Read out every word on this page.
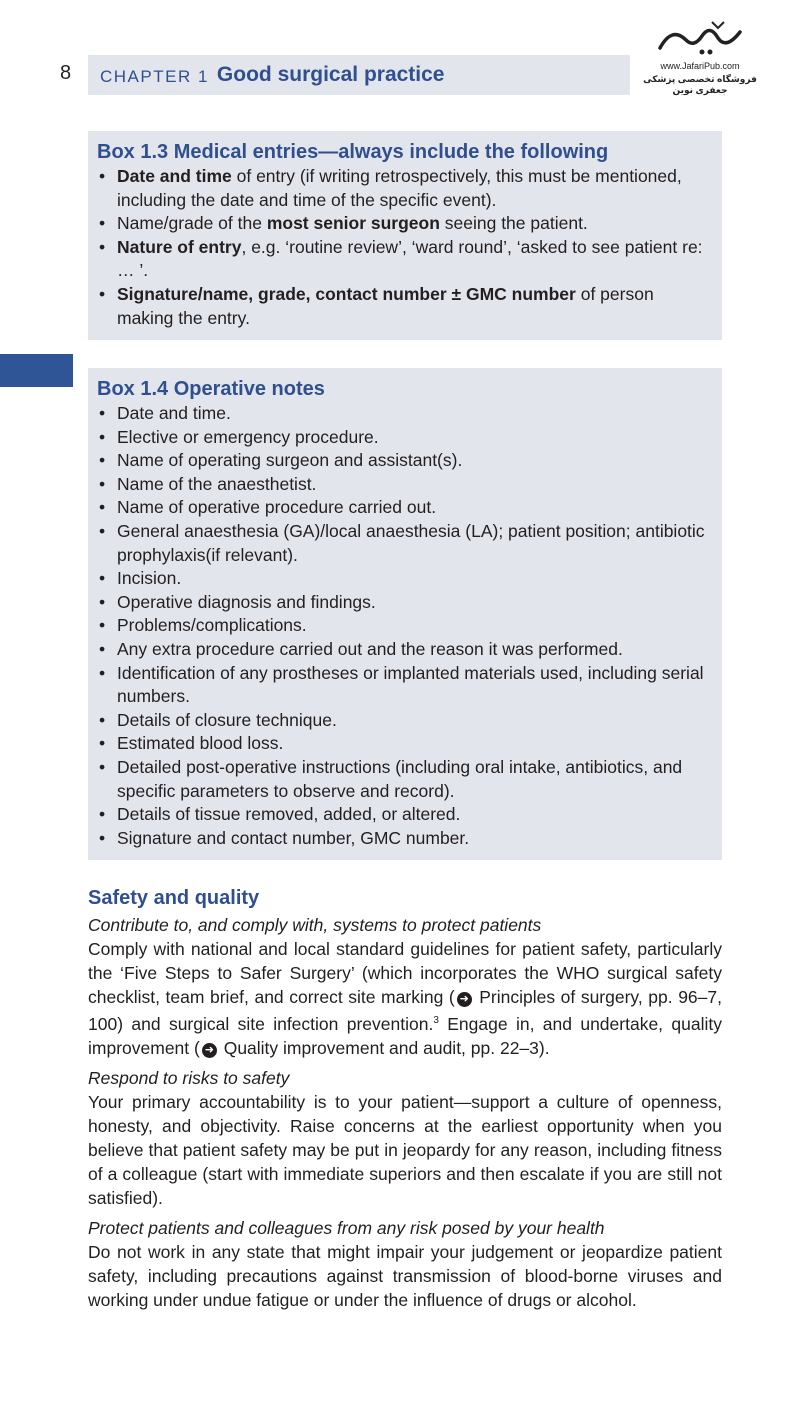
8 CHAPTER 1 Good surgical practice	www.JafariPub.com
فروشگاه تخصصی پزشکی جعفری نوین
Box 1.3 Medical entries—always include the following
• Date and time of entry (if writing retrospectively, this must be mentioned, including the date and time of the specific event).
• Name/grade of the most senior surgeon seeing the patient.
• Nature of entry, e.g. ‘routine review’, ‘ward round’, ‘asked to see patient re: … ’.
• Signature/name, grade, contact number ± GMC number of person making the entry.
Box 1.4 Operative notes
• Date and time.
• Elective or emergency procedure.
• Name of operating surgeon and assistant(s).
• Name of the anaesthetist.
• Name of operative procedure carried out.
• General anaesthesia (GA)/local anaesthesia (LA); patient position; antibiotic prophylaxis(if relevant).
• Incision.
• Operative diagnosis and findings.
• Problems/complications.
• Any extra procedure carried out and the reason it was performed.
• Identification of any prostheses or implanted materials used, including serial numbers.
• Details of closure technique.
• Estimated blood loss.
• Detailed post-operative instructions (including oral intake, antibiotics, and specific parameters to observe and record).
• Details of tissue removed, added, or altered.
• Signature and contact number, GMC number.
Safety and quality
Contribute to, and comply with, systems to protect patients

Comply with national and local standard guidelines for patient safety, particularly the ‘Five Steps to Safer Surgery’ (which incorporates the WHO surgical safety checklist, team brief, and correct site marking ( ➜ Principles of surgery, pp. 96–7, 100) and surgical site infection prevention.$^3$ Engage in, and undertake, quality improvement ( ➜ Quality improvement and audit, pp. 22–3).

Respond to risks to safety

Your primary accountability is to your patient—support a culture of openness, honesty, and objectivity. Raise concerns at the earliest opportunity when you believe that patient safety may be put in jeopardy for any reason, including fitness of a colleague (start with immediate superiors and then escalate if you are still not satisfied).

Protect patients and colleagues from any risk posed by your health

Do not work in any state that might impair your judgement or jeopardize patient safety, including precautions against transmission of blood-borne viruses and working under undue fatigue or under the influence of drugs or alcohol.
